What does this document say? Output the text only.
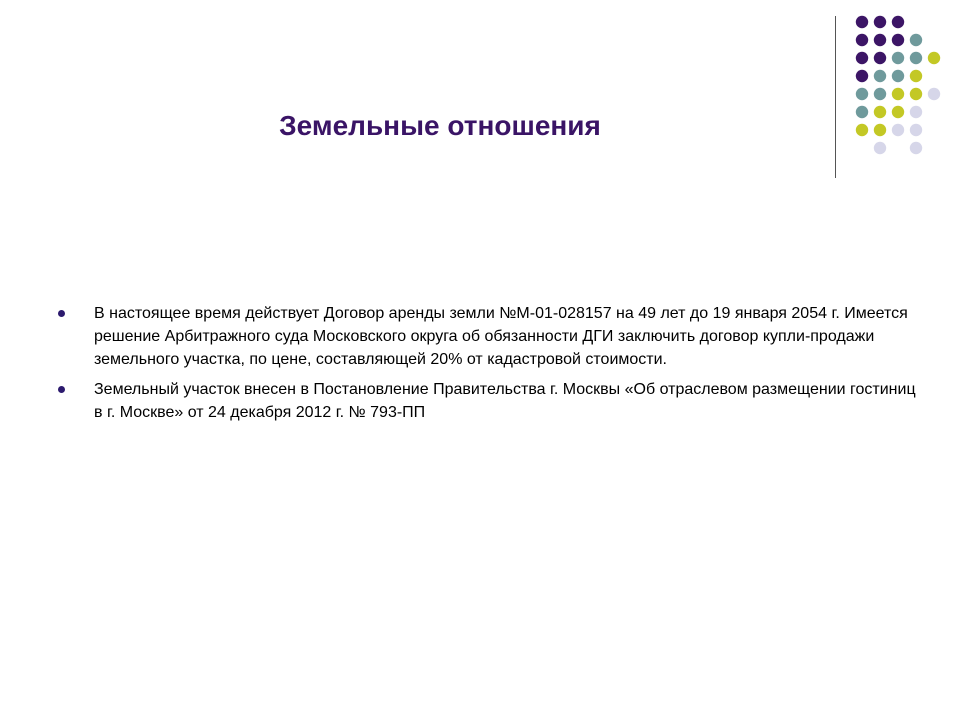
Земельные отношения
В настоящее время действует Договор аренды земли №М-01-028157 на 49 лет до 19 января 2054 г. Имеется решение Арбитражного суда Московского округа об обязанности ДГИ заключить договор купли-продажи земельного участка, по цене, составляющей 20% от кадастровой стоимости.
Земельный участок внесен в Постановление Правительства г. Москвы «Об отраслевом размещении гостиниц в г. Москве» от 24 декабря 2012 г. № 793-ПП
